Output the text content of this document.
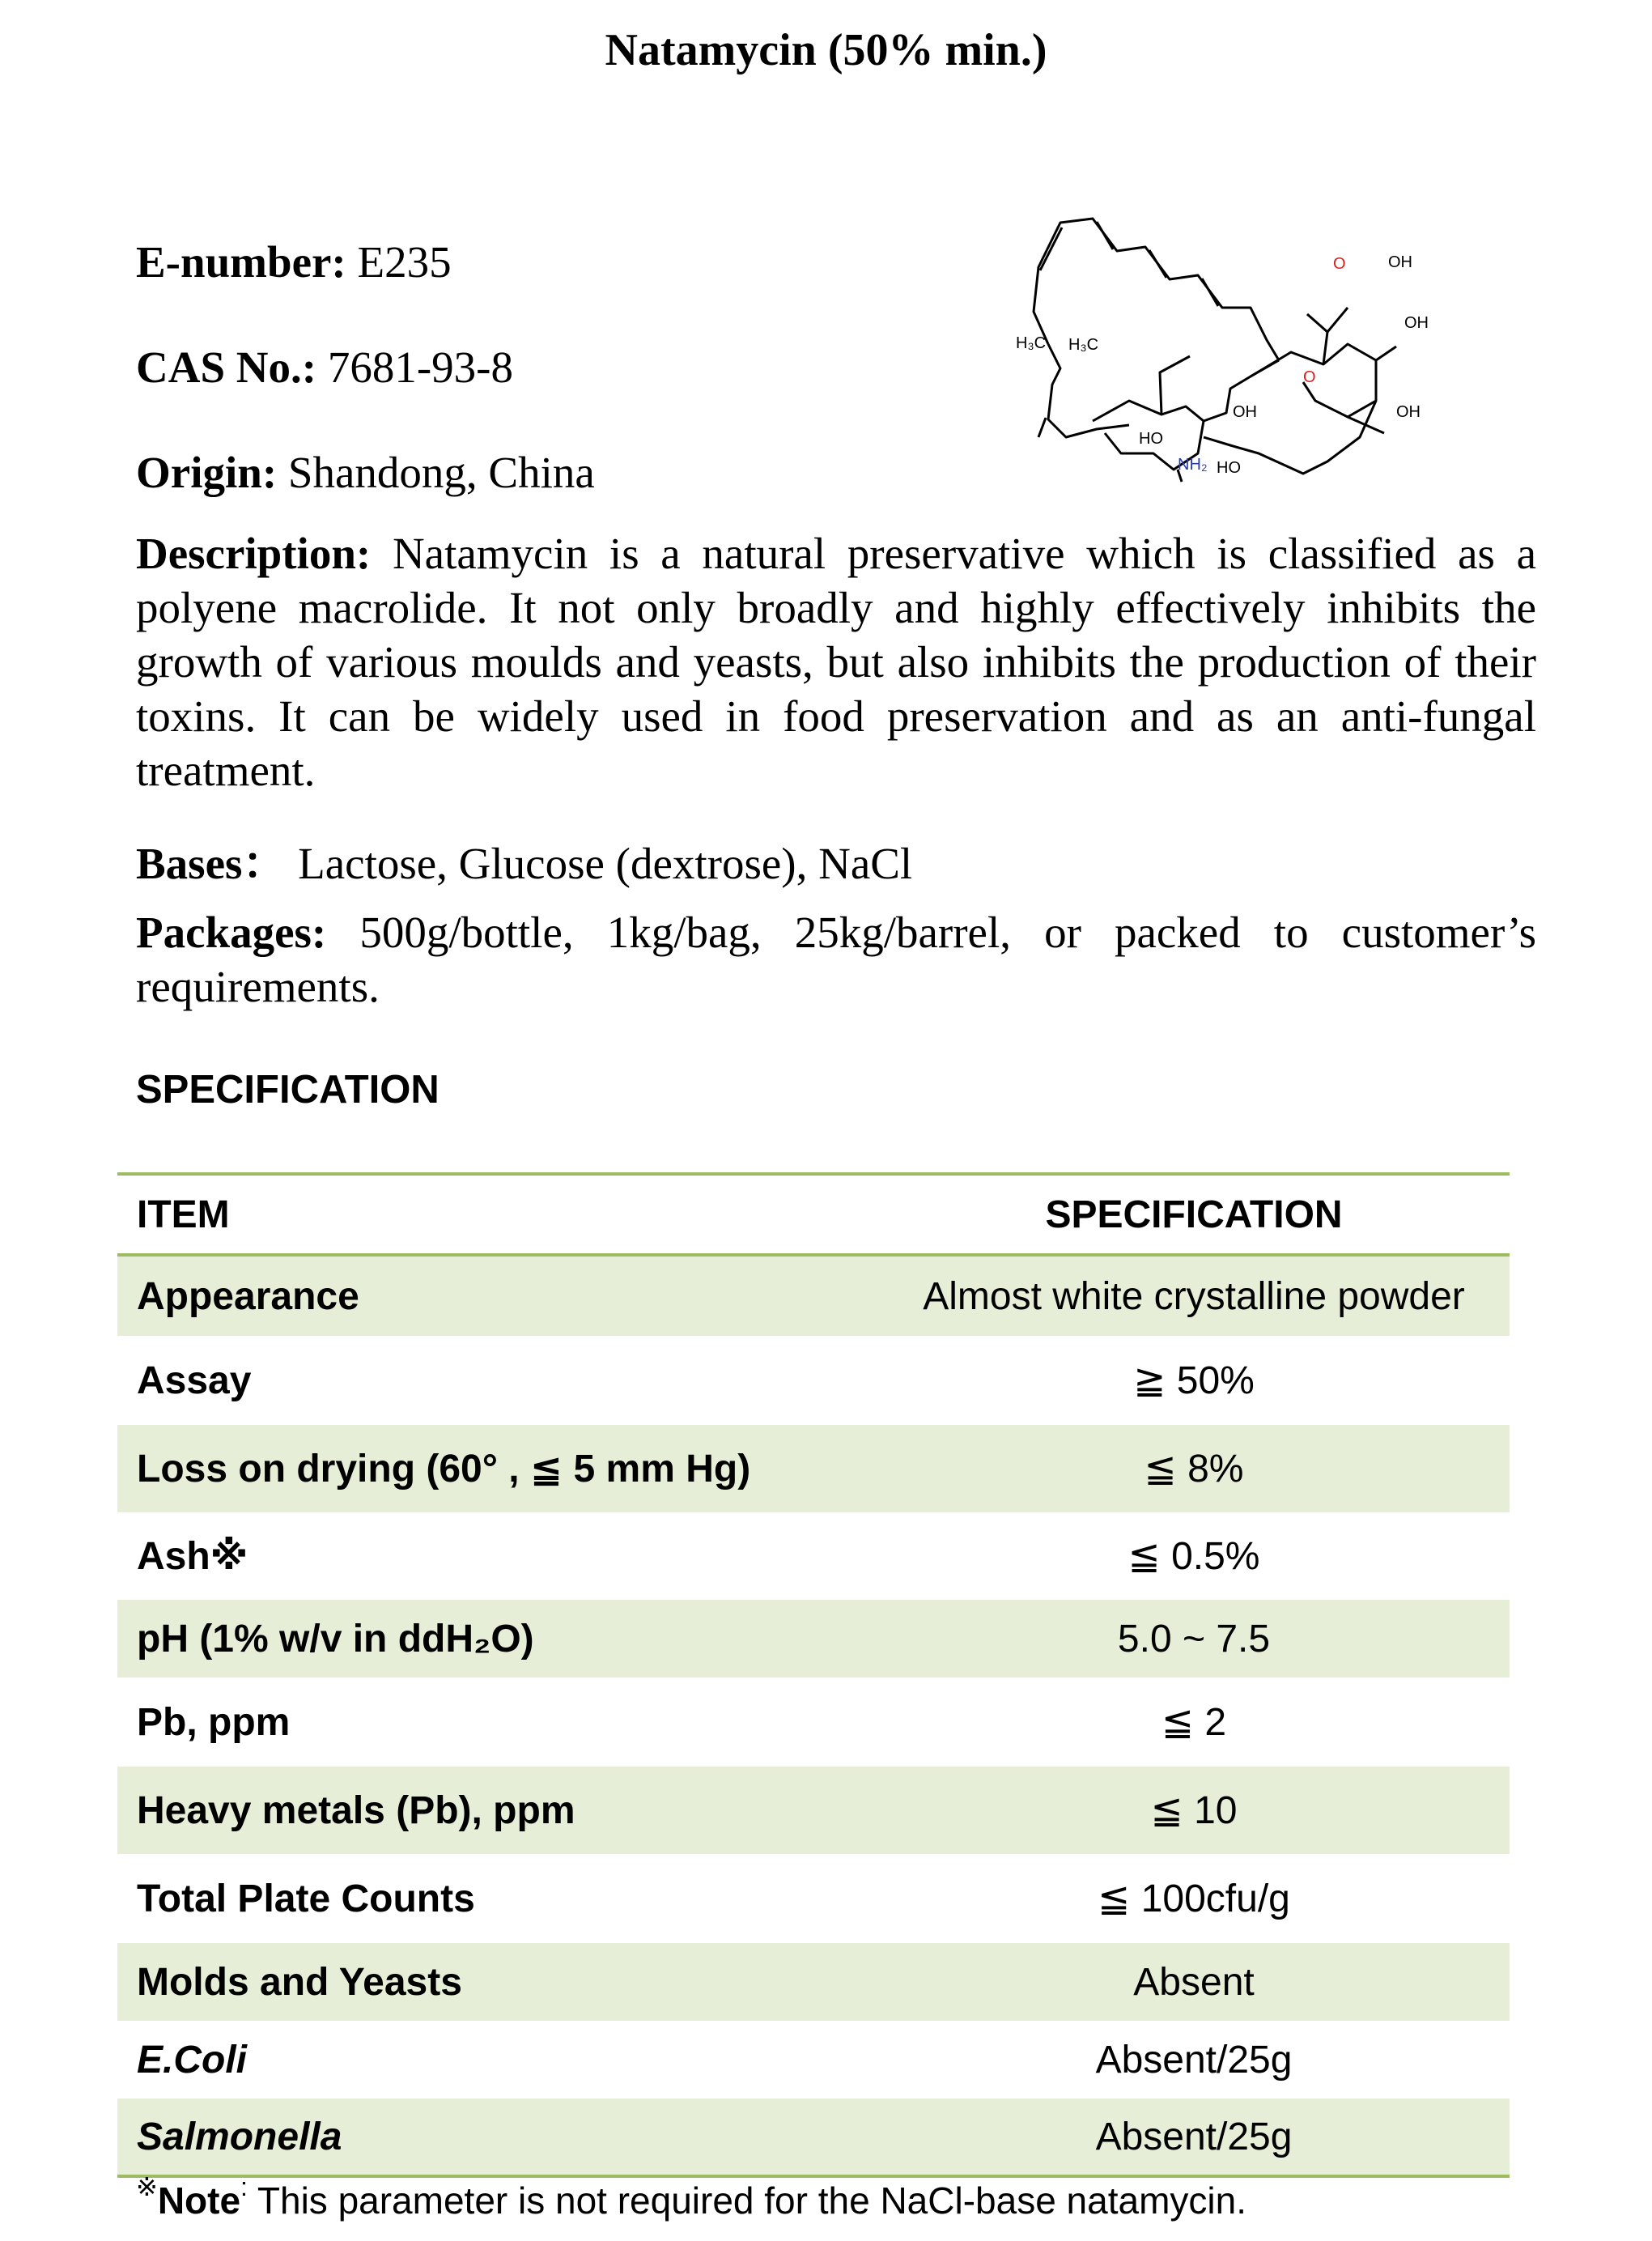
Natamycin (50% min.)
E-number: E235
CAS No.: 7681-93-8
Origin: Shandong, China
Description: Natamycin is a natural preservative which is classified as a polyene macrolide. It not only broadly and highly effectively inhibits the growth of various moulds and yeasts, but also inhibits the production of their toxins. It can be widely used in food preservation and as an anti-fungal treatment.
Bases： Lactose, Glucose (dextrose), NaCl
Packages: 500g/bottle, 1kg/bag, 25kg/barrel, or packed to customer’s requirements.
H₃C H₃C
OH
OH
OH	OH
HO
HO
O
O
NH₂
SPECIFICATION
ITEM	SPECIFICATION
Appearance	Almost white crystalline powder
Assay	≧ 50%
Loss on drying (60° , ≦ 5 mm Hg)	≦ 8%
Ash※	≦ 0.5%
pH (1% w/v in ddH₂O)	5.0 ~ 7.5
Pb, ppm	≦ 2
Heavy metals (Pb), ppm	≦ 10
Total Plate Counts	≦ 100cfu/g
Molds and Yeasts	Absent
E.Coli	Absent/25g
Salmonella	Absent/25g
※Note: This parameter is not required for the NaCl-base natamycin.
